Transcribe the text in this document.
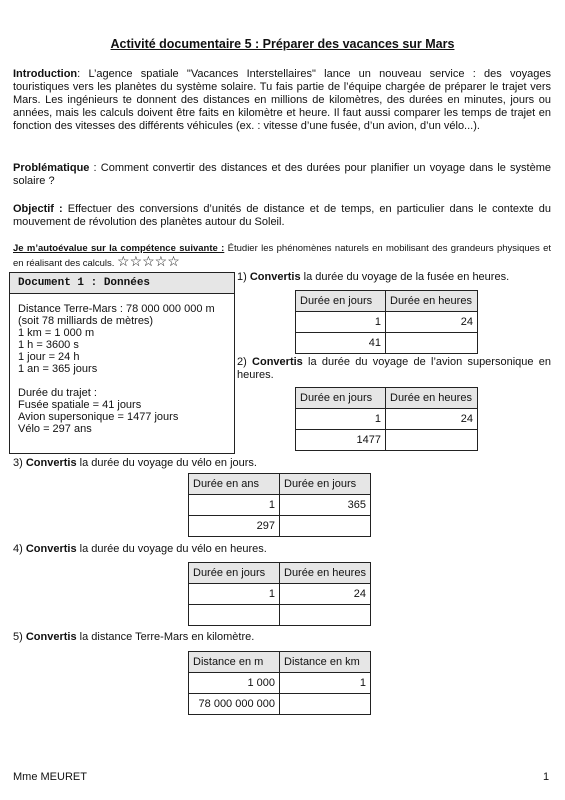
Activité documentaire 5 : Préparer des vacances sur Mars
Introduction: L’agence spatiale "Vacances Interstellaires" lance un nouveau service : des voyages touristiques vers les planètes du système solaire. Tu fais partie de l’équipe chargée de préparer le trajet vers Mars. Les ingénieurs te donnent des distances en millions de kilomètres, des durées en minutes, jours ou années, mais les calculs doivent être faits en kilomètre et heure. Il faut aussi comparer les temps de trajet en fonction des vitesses des différents véhicules (ex. : vitesse d’une fusée, d’un avion, d’un vélo...).
Problématique : Comment convertir des distances et des durées pour planifier un voyage dans le système solaire ?
Objectif : Effectuer des conversions d’unités de distance et de temps, en particulier dans le contexte du mouvement de révolution des planètes autour du Soleil.
Je m’autoévalue sur la compétence suivante : Étudier les phénomènes naturels en mobilisant des grandeurs physiques et en réalisant des calculs. ☆☆☆☆☆
Document 1 : Données
Distance Terre-Mars : 78 000 000 000 m
(soit 78 milliards de mètres)
1 km = 1 000 m
1 h = 3600 s
1 jour = 24 h
1 an = 365 jours
Durée du trajet :
Fusée spatiale = 41 jours
Avion supersonique = 1477 jours
Vélo = 297 ans
1) Convertis la durée du voyage de la fusée en heures.
Durée en jours	Durée en heures
1	24
41	
2) Convertis la durée du voyage de l’avion supersonique en heures.
Durée en jours	Durée en heures
1	24
1477	
3) Convertis la durée du voyage du vélo en jours.
Durée en ans	Durée en jours
1	365
297	
4) Convertis la durée du voyage du vélo en heures.
Durée en jours	Durée en heures
1	24

5) Convertis la distance Terre-Mars en kilomètre.
Distance en m	Distance en km
1 000	1
78 000 000 000	
Mme MEURET	1
